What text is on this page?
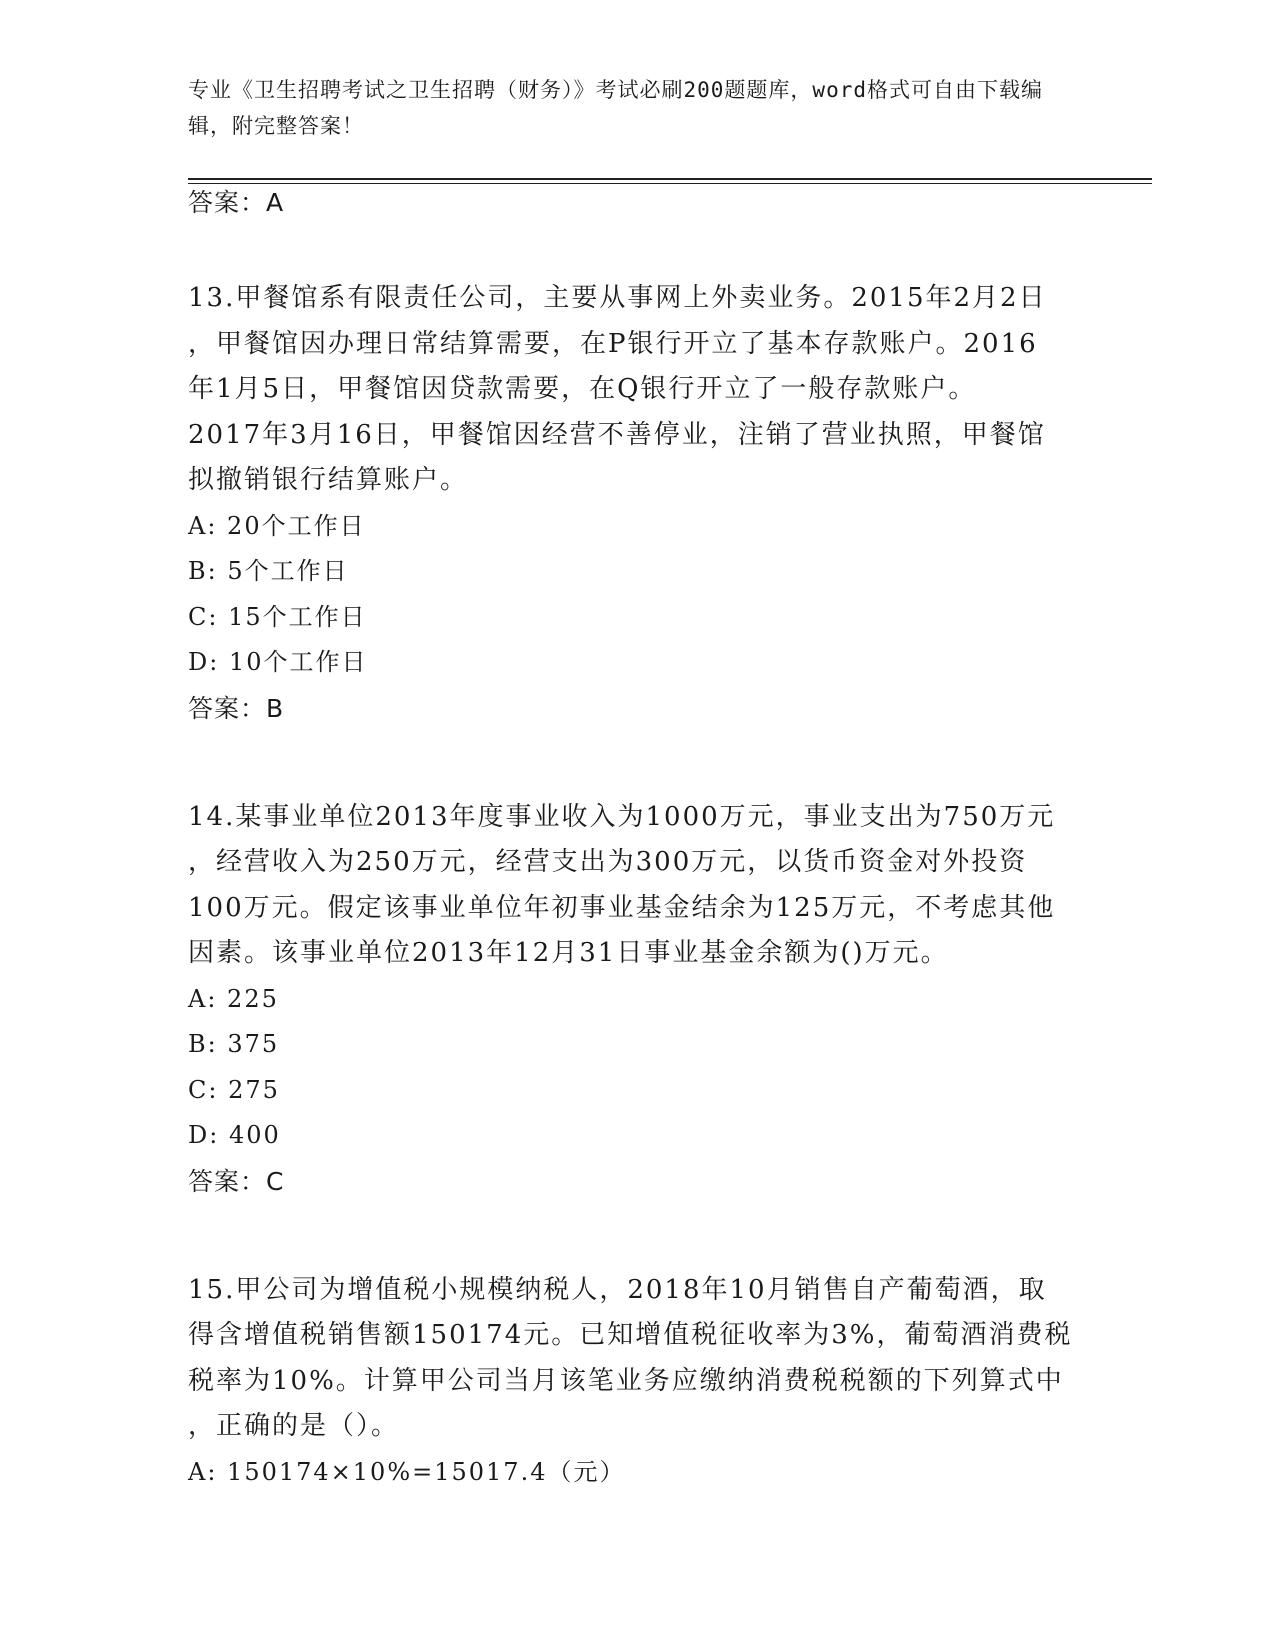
专业《卫生招聘考试之卫生招聘（财务）》考试必刷200题题库，word格式可自由下载编辑，附完整答案！
答案：A
13.甲餐馆系有限责任公司，主要从事网上外卖业务。2015年2月2日
，甲餐馆因办理日常结算需要，在P银行开立了基本存款账户。2016
年1月5日，甲餐馆因贷款需要，在Q银行开立了一般存款账户。
2017年3月16日，甲餐馆因经营不善停业，注销了营业执照，甲餐馆
拟撤销银行结算账户。
A: 20个工作日
B: 5个工作日
C: 15个工作日
D: 10个工作日
答案：B
14.某事业单位2013年度事业收入为1000万元，事业支出为750万元
，经营收入为250万元，经营支出为300万元，以货币资金对外投资
100万元。假定该事业单位年初事业基金结余为125万元，不考虑其他
因素。该事业单位2013年12月31日事业基金余额为()万元。
A: 225
B: 375
C: 275
D: 400
答案：C
15.甲公司为增值税小规模纳税人，2018年10月销售自产葡萄酒，取
得含增值税销售额150174元。已知增值税征收率为3%，葡萄酒消费税
税率为10%。计算甲公司当月该笔业务应缴纳消费税税额的下列算式中
，正确的是（）。
A: 150174×10%=15017.4（元）
